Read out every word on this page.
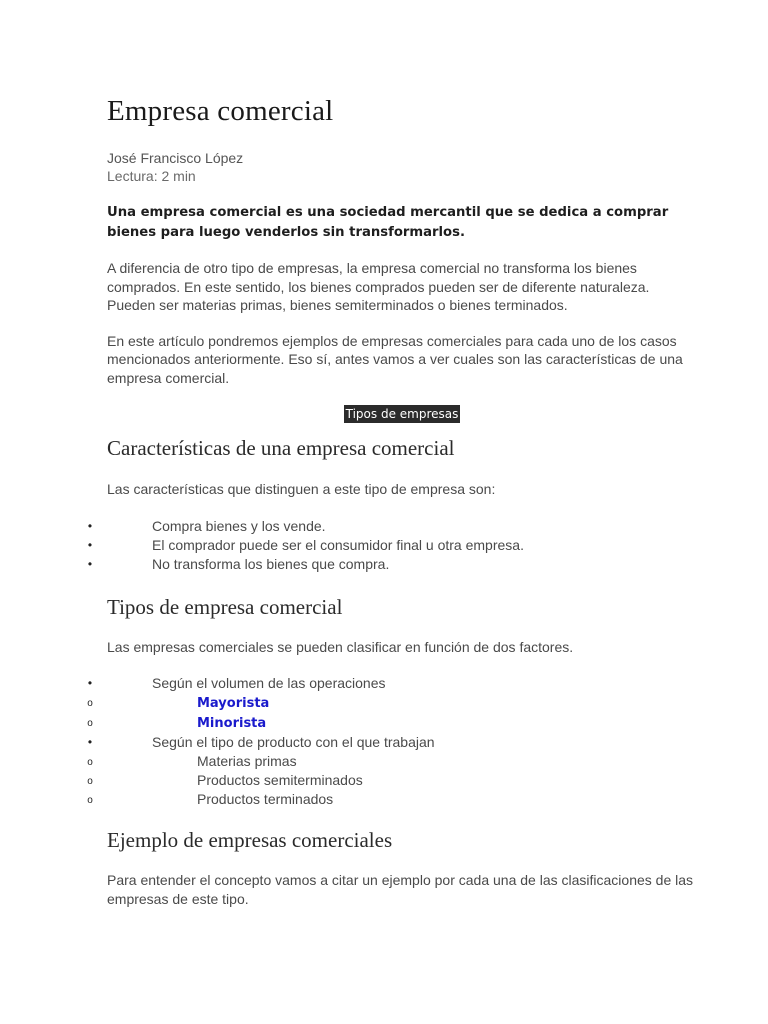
Empresa comercial
José Francisco López
Lectura: 2 min

Una empresa comercial es una sociedad mercantil que se dedica a comprar bienes para luego venderlos sin transformarlos.

A diferencia de otro tipo de empresas, la empresa comercial no transforma los bienes comprados. En este sentido, los bienes comprados pueden ser de diferente naturaleza. Pueden ser materias primas, bienes semiterminados o bienes terminados.

En este artículo pondremos ejemplos de empresas comerciales para cada uno de los casos mencionados anteriormente. Eso sí, antes vamos a ver cuales son las características de una empresa comercial.

Tipos de empresas
Características de una empresa comercial

Las características que distinguen a este tipo de empresa son:

•	Compra bienes y los vende.
•	El comprador puede ser el consumidor final u otra empresa.
•	No transforma los bienes que compra.
Tipos de empresa comercial

Las empresas comerciales se pueden clasificar en función de dos factores.

•	Según el volumen de las operaciones
o	Mayorista
o	Minorista
•	Según el tipo de producto con el que trabajan
o	Materias primas
o	Productos semiterminados
o	Productos terminados
Ejemplo de empresas comerciales

Para entender el concepto vamos a citar un ejemplo por cada una de las clasificaciones de las empresas de este tipo.
